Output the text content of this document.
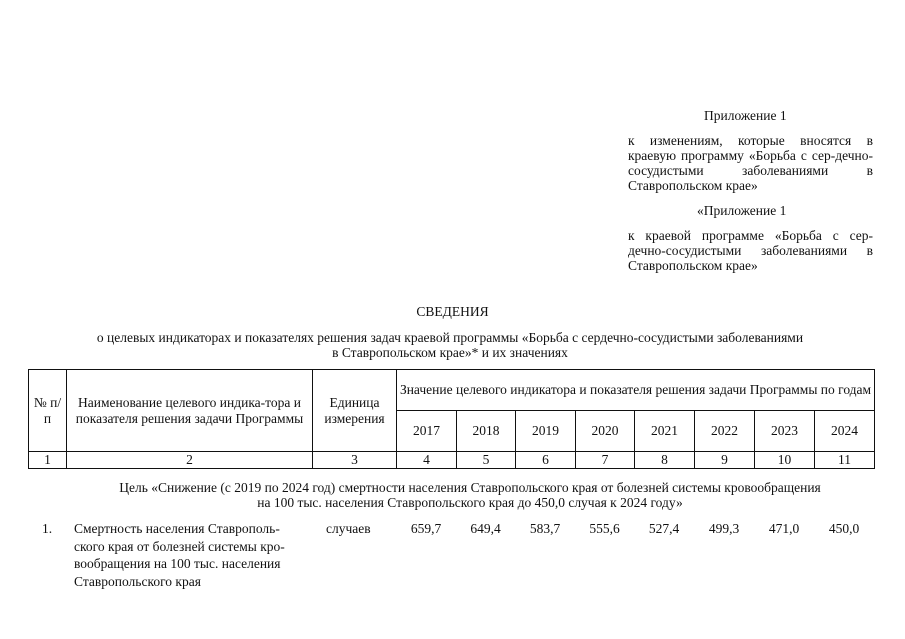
Приложение 1
к изменениям, которые вносятся в краевую программу «Борьба с сер-дечно-сосудистыми заболеваниями в Ставропольском крае»
«Приложение 1
к краевой программе «Борьба с сер-дечно-сосудистыми заболеваниями в Ставропольском крае»
СВЕДЕНИЯ
о целевых индикаторах и показателях решения задач краевой программы «Борьба с сердечно-сосудистыми заболеваниями
в Ставропольском крае»* и их значениях
№ п/п	Наименование целевого индика-тора и показателя решения задачи Программы	Единица измерения	Значение целевого индикатора и показателя решения задачи Программы по годам							
			2017	2018	2019	2020	2021	2022	2023	2024
1	2	3	4	5	6	7	8	9	10	11
Цель «Снижение (с 2019 по 2024 год) смертности населения Ставропольского края от болезней системы кровообращения
на 100 тыс. населения Ставропольского края до 450,0 случая к 2024 году»
1.	Смертность населения Ставрополь-ского края от болезней системы кро-вообращения на 100 тыс. населения Ставропольского края	случаев	659,7	649,4	583,7	555,6	527,4	499,3	471,0	450,0
